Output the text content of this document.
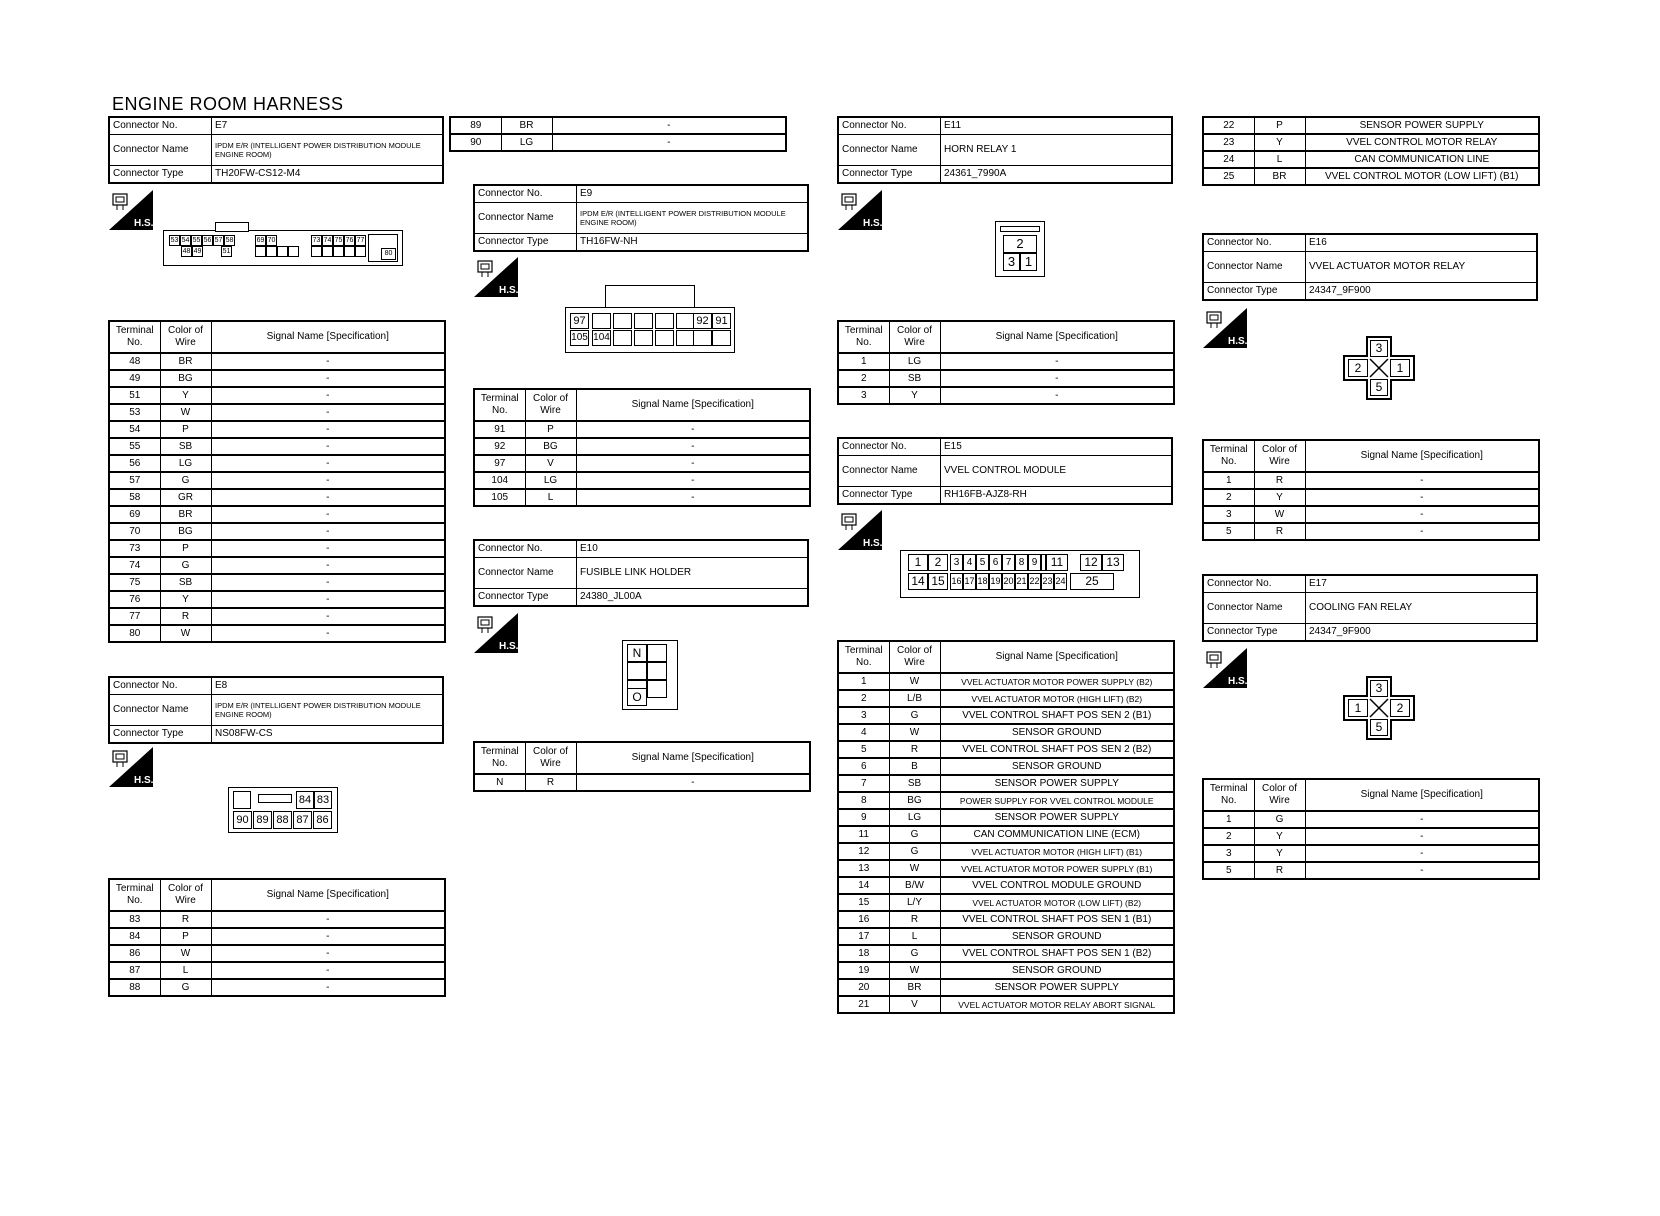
ENGINE ROOM HARNESS
Connector No.	E7
Connector Name	IPDM E/R (INTELLIGENT POWER DISTRIBUTION MODULE ENGINE ROOM)
Connector Type	TH20FW-CS12-M4
H.S.
Terminal No.	Color of Wire	Signal Name [Specification]
48	BR	-
49	BG	-
51	Y	-
53	W	-
54	P	-
55	SB	-
56	LG	-
57	G	-
58	GR	-
69	BR	-
70	BG	-
73	P	-
74	G	-
75	SB	-
76	Y	-
77	R	-
80	W	-
Connector No.	E8
Connector Name	IPDM E/R (INTELLIGENT POWER DISTRIBUTION MODULE ENGINE ROOM)
Connector Type	NS08FW-CS
H.S.
Terminal No.	Color of Wire	Signal Name [Specification]
83	R	-
84	P	-
86	W	-
87	L	-
88	G	-
89	BR	-
90	LG	-
Connector No.	E9
Connector Name	IPDM E/R (INTELLIGENT POWER DISTRIBUTION MODULE ENGINE ROOM)
Connector Type	TH16FW-NH
H.S.
Terminal No.	Color of Wire	Signal Name [Specification]
91	P	-
92	BG	-
97	V	-
104	LG	-
105	L	-
Connector No.	E10
Connector Name	FUSIBLE LINK HOLDER
Connector Type	24380_JL00A
H.S.
Terminal No.	Color of Wire	Signal Name [Specification]
N	R	-
Connector No.	E11
Connector Name	HORN RELAY 1
Connector Type	24361_7990A
H.S.
Terminal No.	Color of Wire	Signal Name [Specification]
1	LG	-
2	SB	-
3	Y	-
Connector No.	E15
Connector Name	VVEL CONTROL MODULE
Connector Type	RH16FB-AJZ8-RH
H.S.
Terminal No.	Color of Wire	Signal Name [Specification]
1	W	VVEL ACTUATOR MOTOR POWER SUPPLY (B2)
2	L/B	VVEL ACTUATOR MOTOR (HIGH LIFT) (B2)
3	G	VVEL CONTROL SHAFT POS SEN 2 (B1)
4	W	SENSOR GROUND
5	R	VVEL CONTROL SHAFT POS SEN 2 (B2)
6	B	SENSOR GROUND
7	SB	SENSOR POWER SUPPLY
8	BG	POWER SUPPLY FOR VVEL CONTROL MODULE
9	LG	SENSOR POWER SUPPLY
11	G	CAN COMMUNICATION LINE (ECM)
12	G	VVEL ACTUATOR MOTOR (HIGH LIFT) (B1)
13	W	VVEL ACTUATOR MOTOR POWER SUPPLY (B1)
14	B/W	VVEL CONTROL MODULE GROUND
15	L/Y	VVEL ACTUATOR MOTOR (LOW LIFT) (B2)
16	R	VVEL CONTROL SHAFT POS SEN 1 (B1)
17	L	SENSOR GROUND
18	G	VVEL CONTROL SHAFT POS SEN 1 (B2)
19	W	SENSOR GROUND
20	BR	SENSOR POWER SUPPLY
21	V	VVEL ACTUATOR MOTOR RELAY ABORT SIGNAL
22	P	SENSOR POWER SUPPLY
23	Y	VVEL CONTROL MOTOR RELAY
24	L	CAN COMMUNICATION LINE
25	BR	VVEL CONTROL MOTOR (LOW LIFT) (B1)
Connector No.	E16
Connector Name	VVEL ACTUATOR MOTOR RELAY
Connector Type	24347_9F900
H.S.
Terminal No.	Color of Wire	Signal Name [Specification]
1	R	-
2	Y	-
3	W	-
5	R	-
Connector No.	E17
Connector Name	COOLING FAN RELAY
Connector Type	24347_9F900
H.S.
Terminal No.	Color of Wire	Signal Name [Specification]
1	G	-
2	Y	-
3	Y	-
5	R	-
53 54 55 56 57 58	69 70	73 74 75 76 77
48 49	51	80
84 83
90 89 88 87 86
97	92 91
105 104
N
O
2
3 1
1	2	3 4 5 6 7 8 9	11	12 13
14 15 16 17 18 19 20 21 22 23 24	25
3
2	1
5
3
1	2
5
